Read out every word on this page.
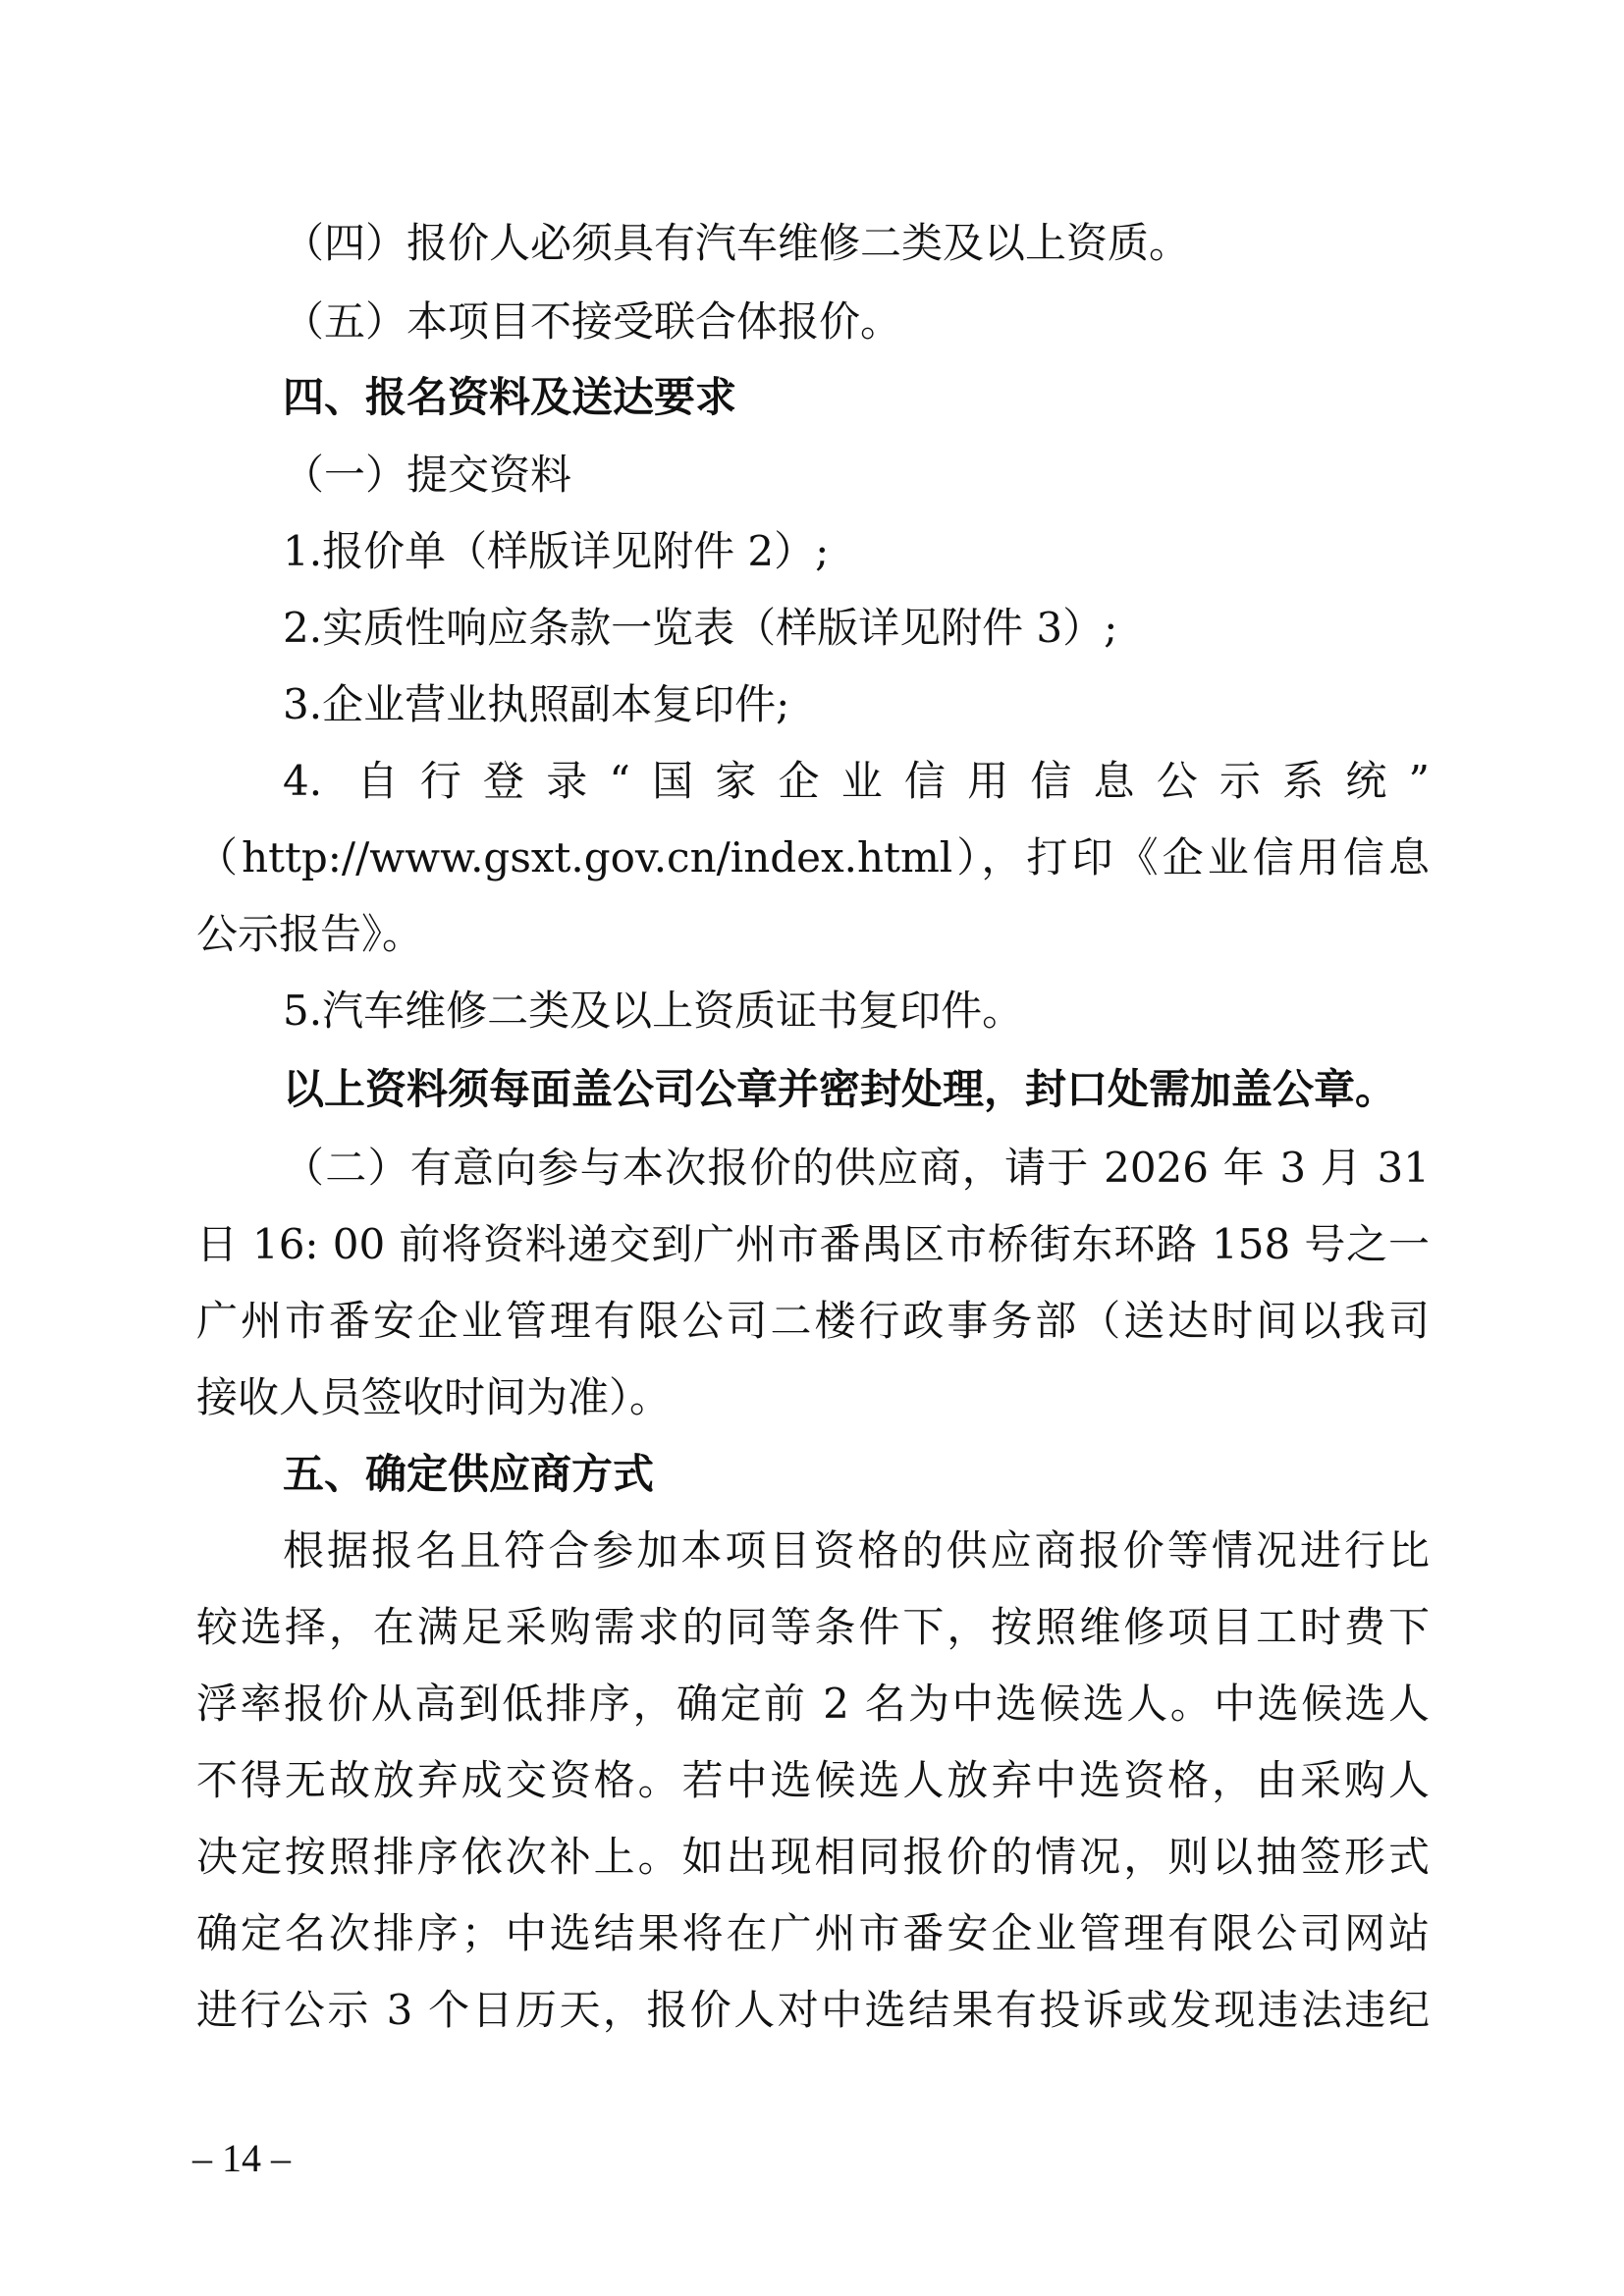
（四）报价人必须具有汽车维修二类及以上资质。

（五）本项目不接受联合体报价。

四、报名资料及送达要求

（一）提交资料

1.报价单（样版详见附件 2）;

2.实质性响应条款一览表（样版详见附件 3）;

3.企业营业执照副本复印件;

4. 自行登录“国家企业信用信息公示系统”

（http://www.gsxt.gov.cn/index.html），打印《企业信用信息

公示报告》。

5.汽车维修二类及以上资质证书复印件。

以上资料须每面盖公司公章并密封处理，封口处需加盖公章。

（二）有意向参与本次报价的供应商，请于 2026 年 3 月 31

日 16: 00 前将资料递交到广州市番禺区市桥街东环路 158 号之一

广州市番安企业管理有限公司二楼行政事务部（送达时间以我司

接收人员签收时间为准）。

五、确定供应商方式

根据报名且符合参加本项目资格的供应商报价等情况进行比

较选择，在满足采购需求的同等条件下，按照维修项目工时费下

浮率报价从高到低排序，确定前 2 名为中选候选人。中选候选人

不得无故放弃成交资格。若中选候选人放弃中选资格，由采购人

决定按照排序依次补上。如出现相同报价的情况，则以抽签形式

确定名次排序；中选结果将在广州市番安企业管理有限公司网站

进行公示 3 个日历天，报价人对中选结果有投诉或发现违法违纪

– 14 –
